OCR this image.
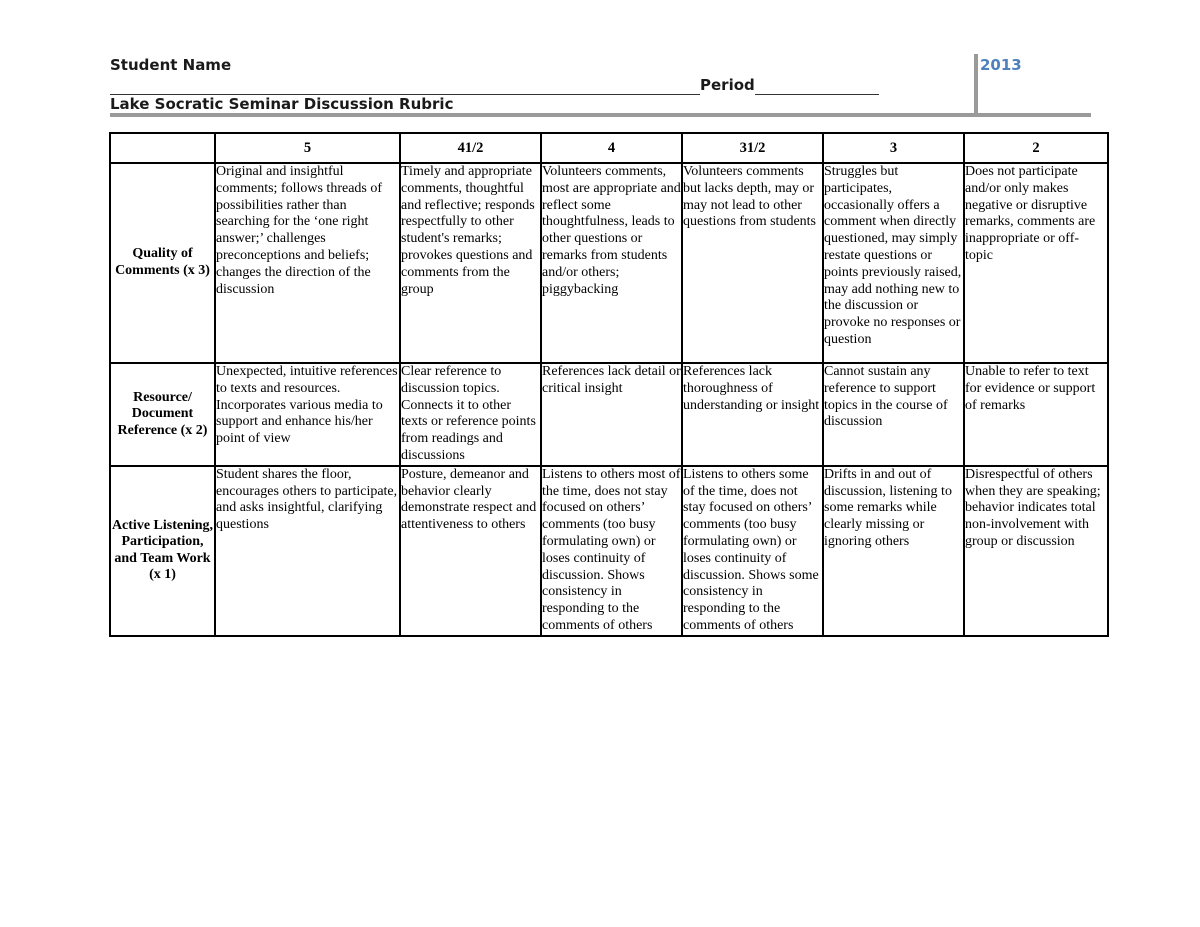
Student Name
Period
Lake Socratic Seminar Discussion Rubric
2013
	5	41/2	4	31/2	3	2
Quality of Comments (x 3)	Original and insightful comments; follows threads of possibilities rather than searching for the ‘one right answer;’ challenges preconceptions and beliefs; changes the direction of the discussion	Timely and appropriate comments, thoughtful and reflective; responds respectfully to other student's remarks; provokes questions and comments from the group	Volunteers comments, most are appropriate and reflect some thoughtfulness, leads to other questions or remarks from students and/or others; piggybacking	Volunteers comments but lacks depth, may or may not lead to other questions from students	Struggles but participates, occasionally offers a comment when directly questioned, may simply restate questions or points previously raised, may add nothing new to the discussion or provoke no responses or question	Does not participate and/or only makes negative or disruptive remarks, comments are inappropriate or off-topic
Resource/ Document Reference (x 2)	Unexpected, intuitive references to texts and resources. Incorporates various media to support and enhance his/her point of view	Clear reference to discussion topics. Connects it to other texts or reference points from readings and discussions	References lack detail or critical insight	References lack thoroughness of understanding or insight	Cannot sustain any reference to support topics in the course of discussion	Unable to refer to text for evidence or support of remarks
Active Listening, Participation, and Team Work (x 1)	Student shares the floor, encourages others to participate, and asks insightful, clarifying questions	Posture, demeanor and behavior clearly demonstrate respect and attentiveness to others	Listens to others most of the time, does not stay focused on others’ comments (too busy formulating own) or loses continuity of discussion. Shows consistency in responding to the comments of others	Listens to others some of the time, does not stay focused on others’ comments (too busy formulating own) or loses continuity of discussion. Shows some consistency in responding to the comments of others	Drifts in and out of discussion, listening to some remarks while clearly missing or ignoring others	Disrespectful of others when they are speaking; behavior indicates total non-involvement with group or discussion
